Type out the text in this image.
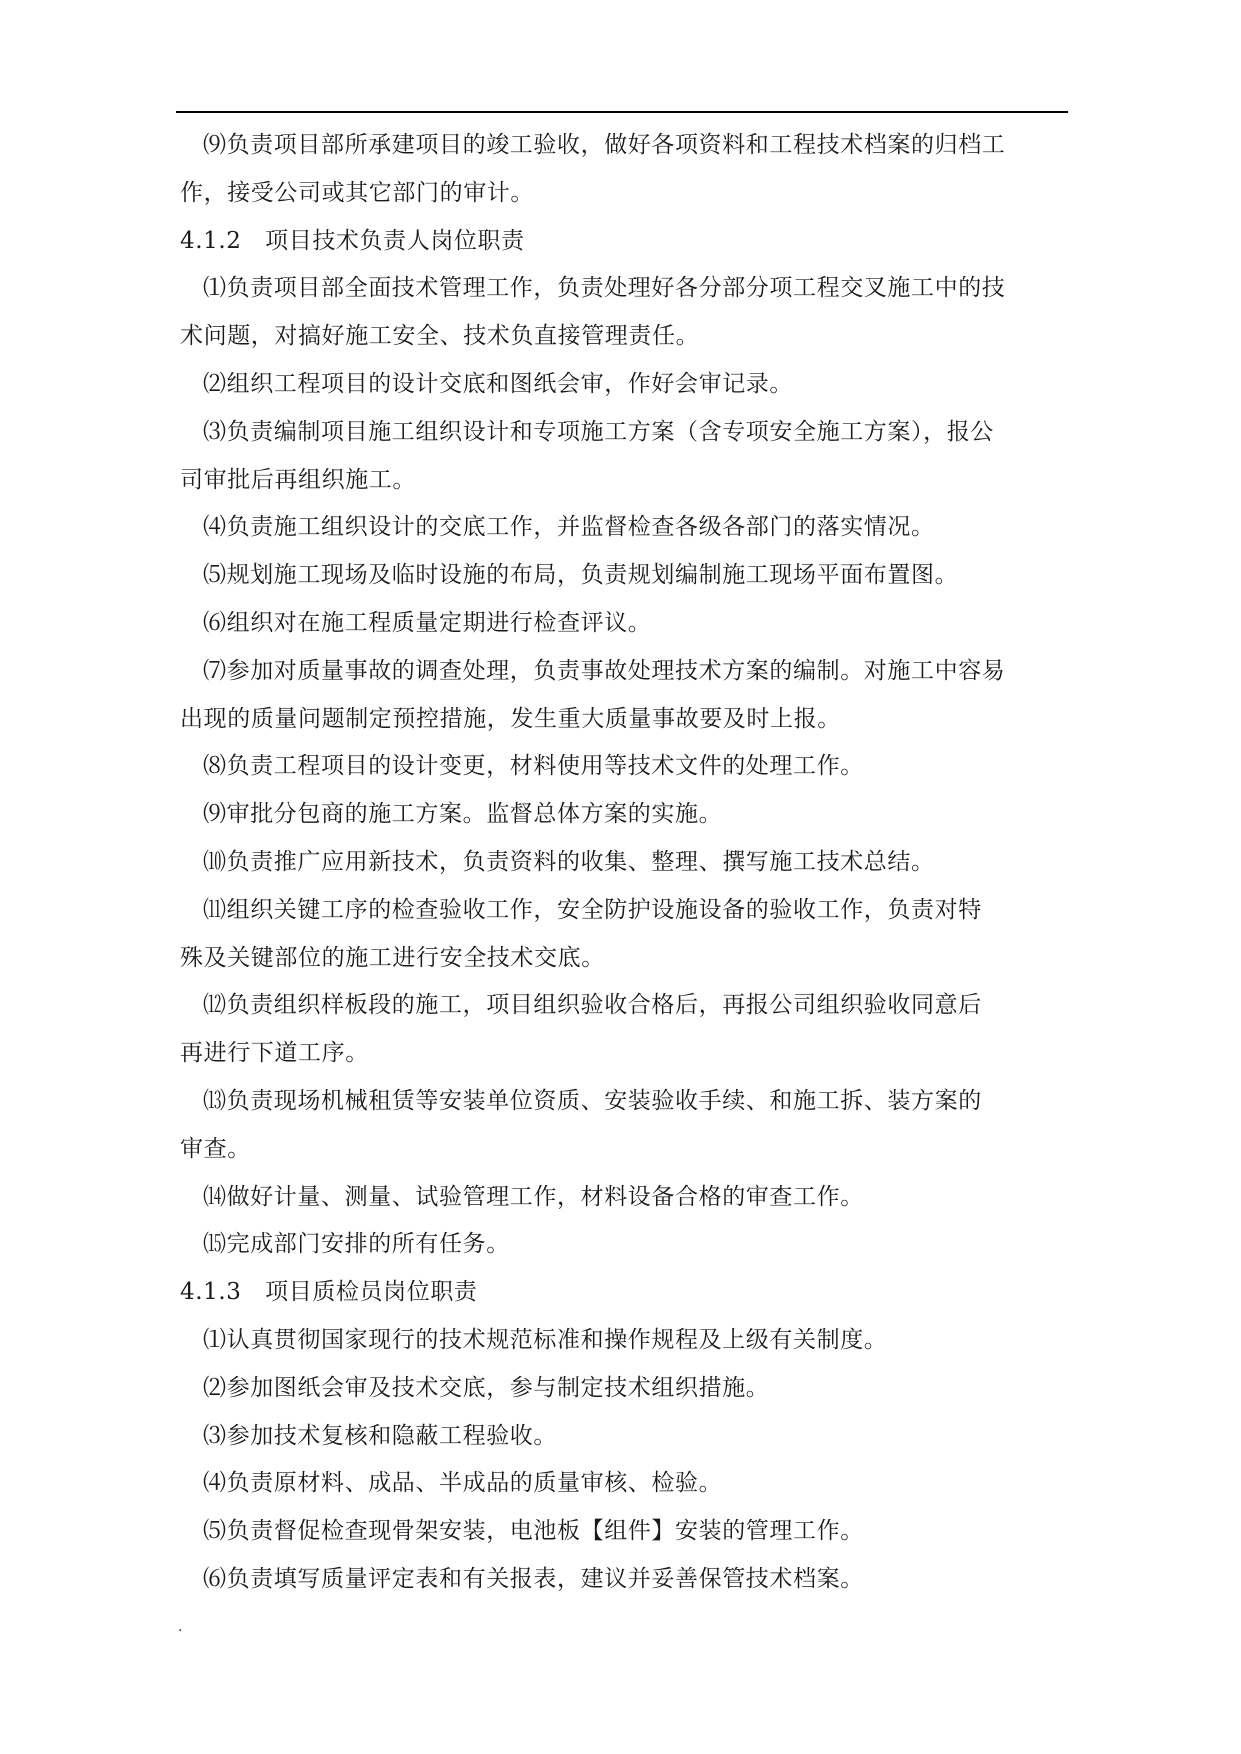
⑼负责项目部所承建项目的竣工验收，做好各项资料和工程技术档案的归档工
作，接受公司或其它部门的审计。
4.1.2　项目技术负责人岗位职责
⑴负责项目部全面技术管理工作，负责处理好各分部分项工程交叉施工中的技
术问题，对搞好施工安全、技术负直接管理责任。
⑵组织工程项目的设计交底和图纸会审，作好会审记录。
⑶负责编制项目施工组织设计和专项施工方案（含专项安全施工方案），报公
司审批后再组织施工。
⑷负责施工组织设计的交底工作，并监督检查各级各部门的落实情况。
⑸规划施工现场及临时设施的布局，负责规划编制施工现场平面布置图。
⑹组织对在施工程质量定期进行检查评议。
⑺参加对质量事故的调查处理，负责事故处理技术方案的编制。对施工中容易
出现的质量问题制定预控措施，发生重大质量事故要及时上报。
⑻负责工程项目的设计变更，材料使用等技术文件的处理工作。
⑼审批分包商的施工方案。监督总体方案的实施。
⑽负责推广应用新技术，负责资料的收集、整理、撰写施工技术总结。
⑾组织关键工序的检查验收工作，安全防护设施设备的验收工作，负责对特
殊及关键部位的施工进行安全技术交底。
⑿负责组织样板段的施工，项目组织验收合格后，再报公司组织验收同意后
再进行下道工序。
⒀负责现场机械租赁等安装单位资质、安装验收手续、和施工拆、装方案的
审查。
⒁做好计量、测量、试验管理工作，材料设备合格的审查工作。
⒂完成部门安排的所有任务。
4.1.3　项目质检员岗位职责
⑴认真贯彻国家现行的技术规范标准和操作规程及上级有关制度。
⑵参加图纸会审及技术交底，参与制定技术组织措施。
⑶参加技术复核和隐蔽工程验收。
⑷负责原材料、成品、半成品的质量审核、检验。
⑸负责督促检查现骨架安装，电池板【组件】安装的管理工作。
⑹负责填写质量评定表和有关报表，建议并妥善保管技术档案。
.
